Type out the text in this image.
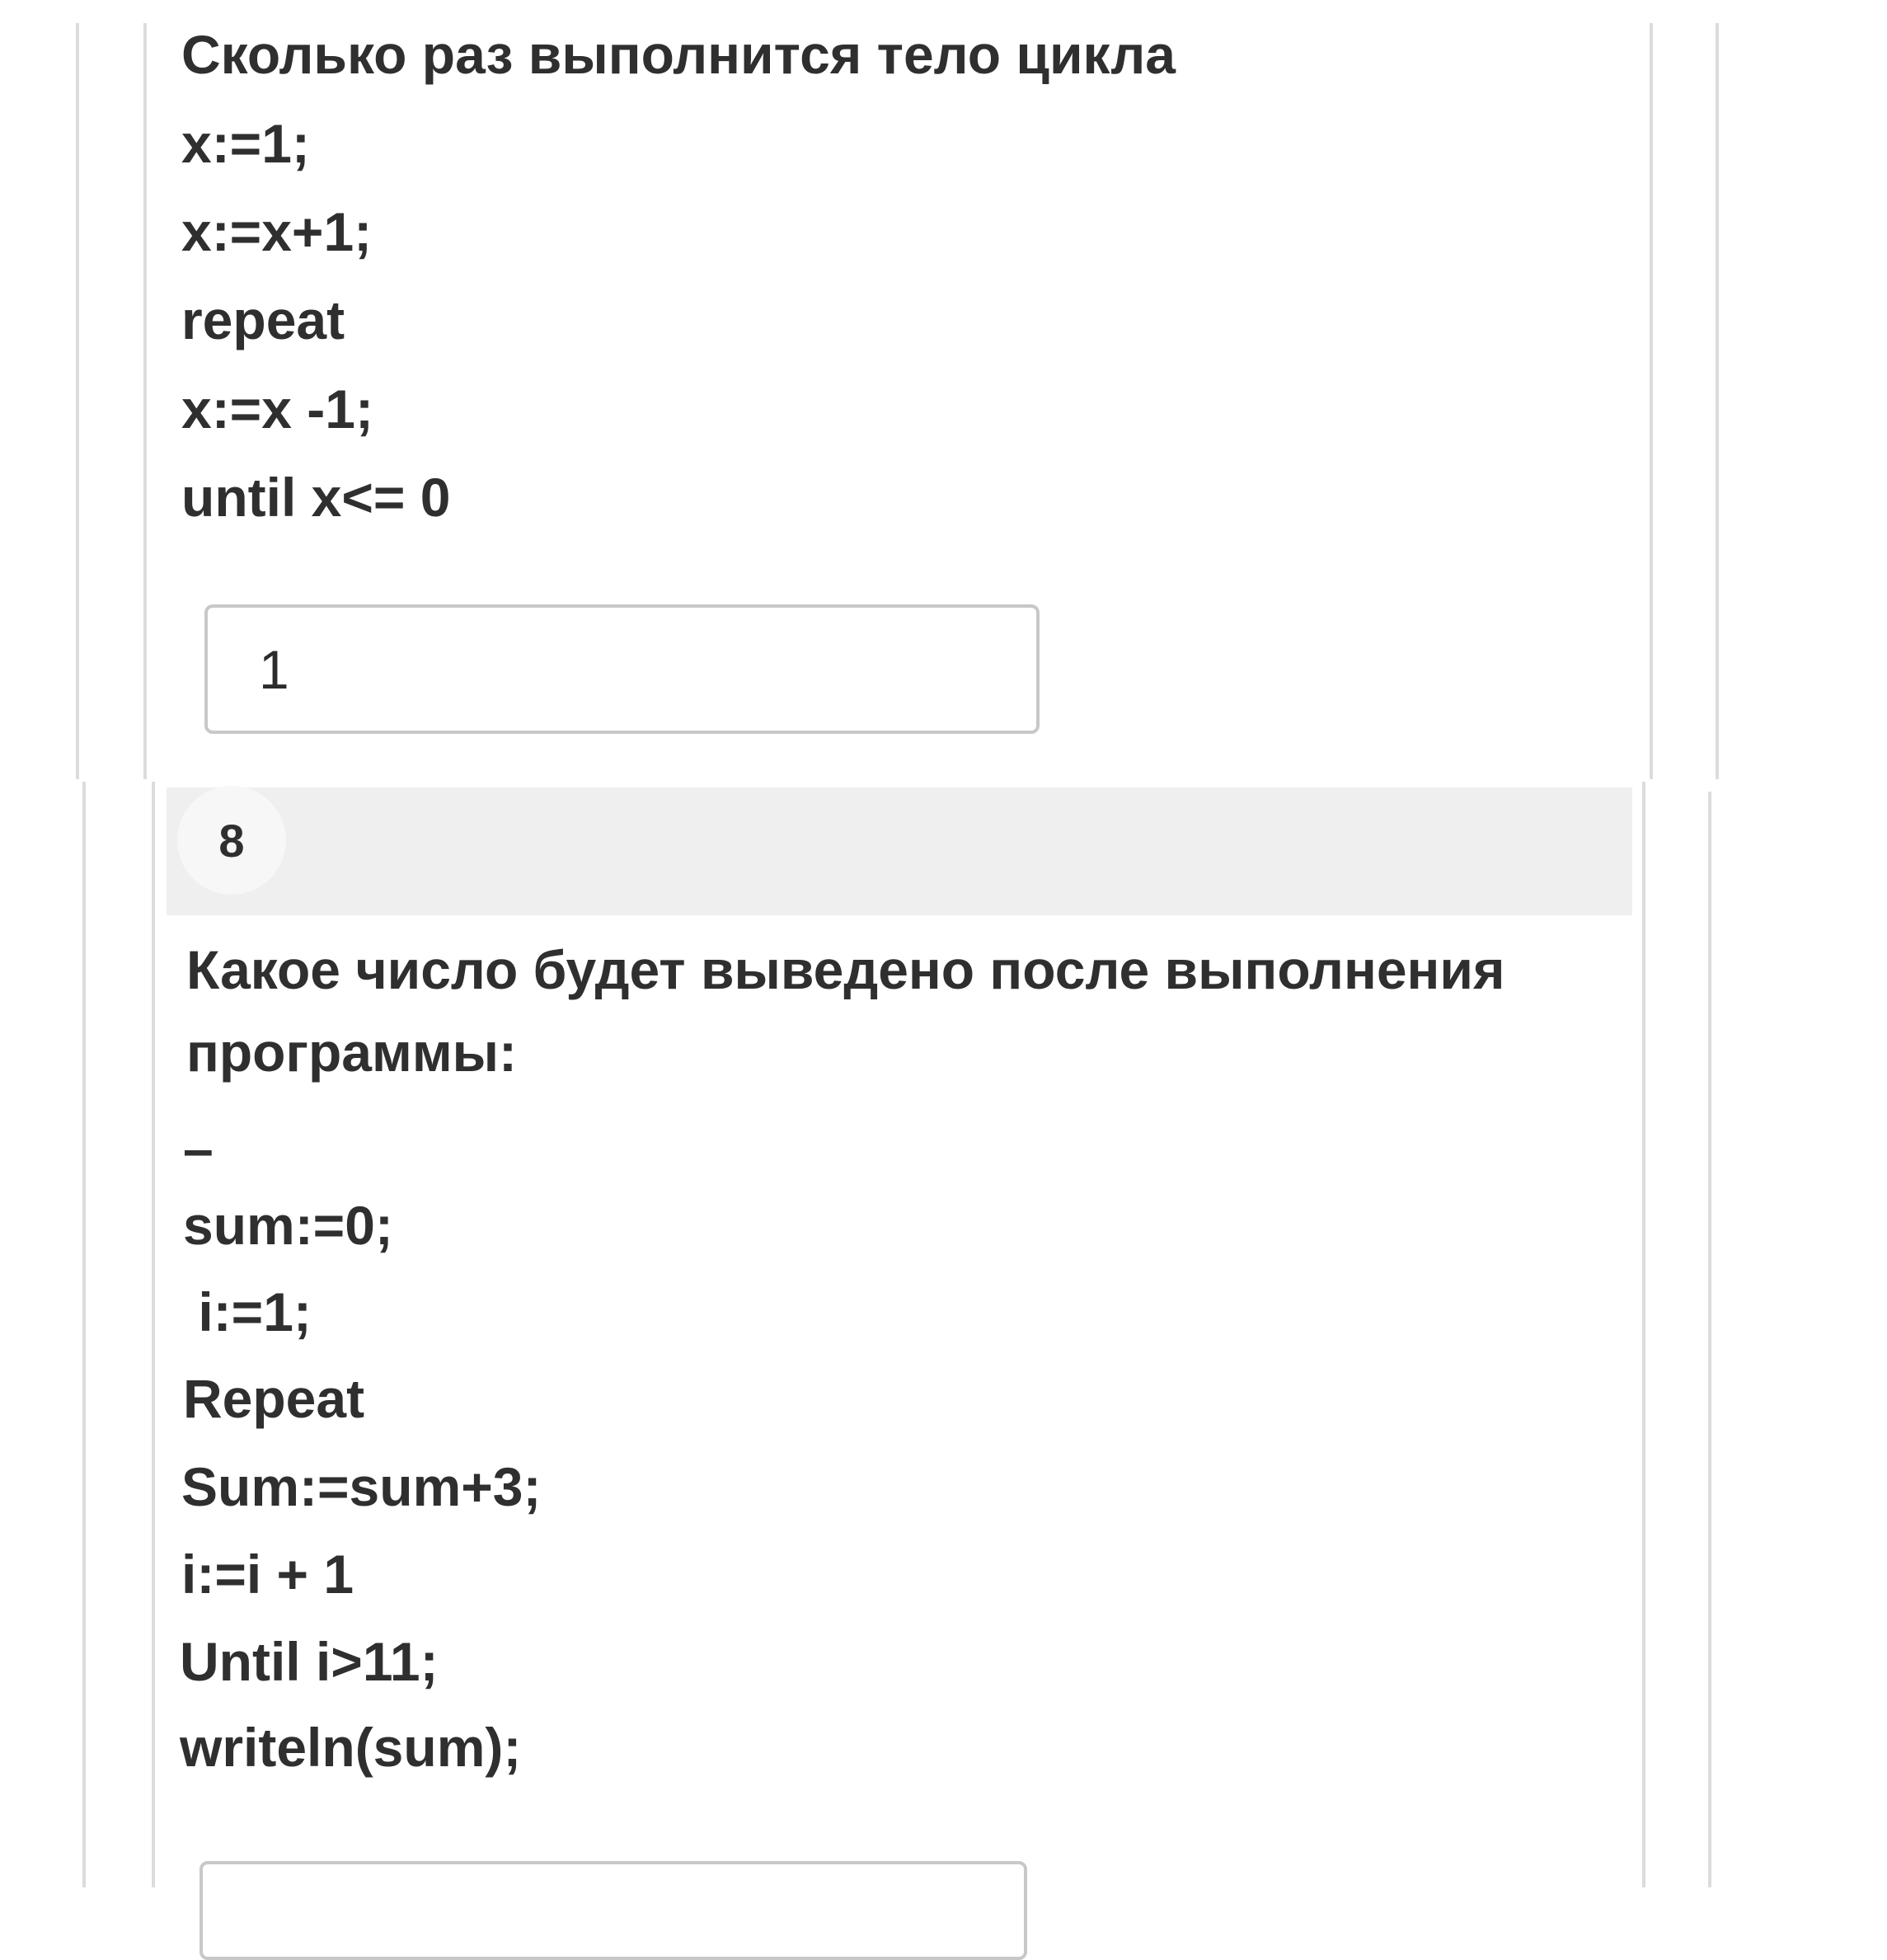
Сколько раз выполнится тело цикла

x:=1;

x:=x+1;

repeat

x:=x -1;

until x<= 0

1
8

Какое число будет выведено после выполнения

программы:

–

sum:=0;

i:=1;

Repeat

Sum:=sum+3;

i:=i + 1

Until i>11;

writeln(sum);
